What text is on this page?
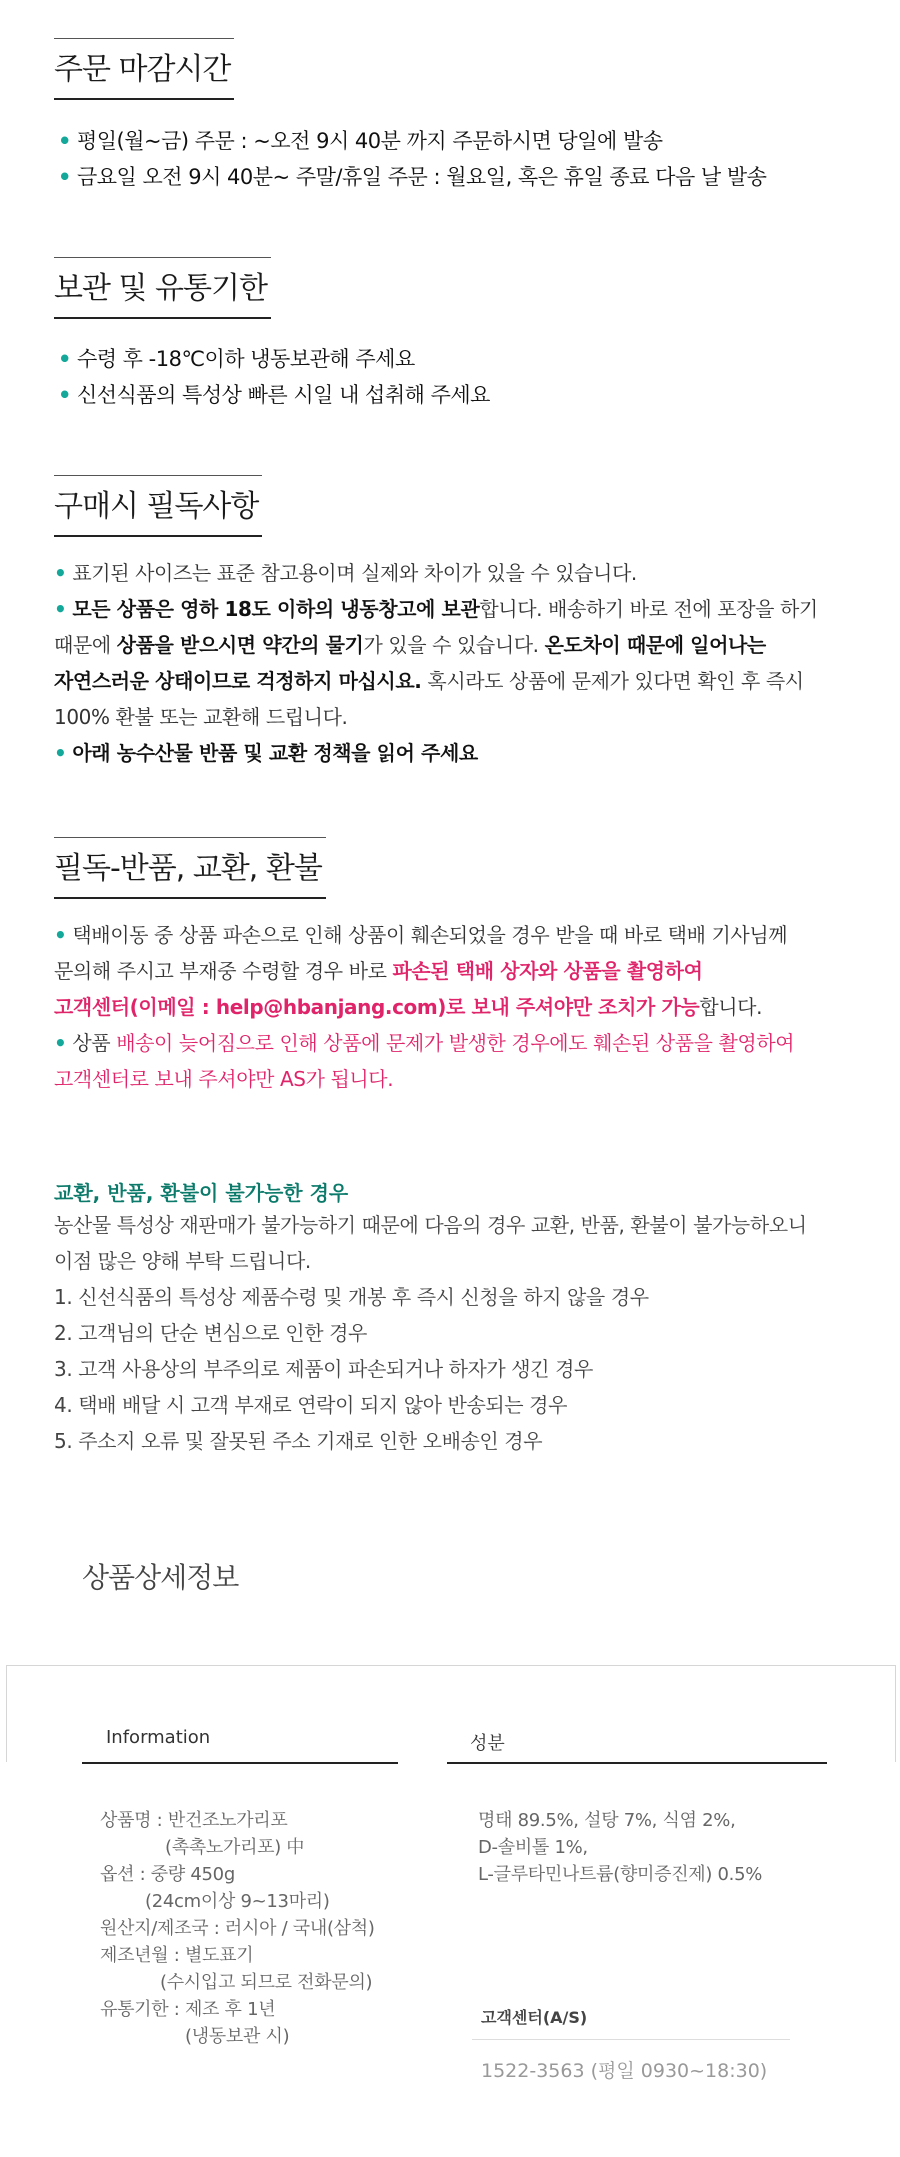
주문 마감시간
• 평일(월~금) 주문 : ~오전 9시 40분 까지 주문하시면 당일에 발송
• 금요일 오전 9시 40분~ 주말/휴일 주문 : 월요일, 혹은 휴일 종료 다음 날 발송
보관 및 유통기한
• 수령 후 -18℃이하 냉동보관해 주세요
• 신선식품의 특성상 빠른 시일 내 섭취해 주세요
구매시 필독사항
• 표기된 사이즈는 표준 참고용이며 실제와 차이가 있을 수 있습니다.
• 모든 상품은 영하 18도 이하의 냉동창고에 보관합니다. 배송하기 바로 전에 포장을 하기
때문에 상품을 받으시면 약간의 물기가 있을 수 있습니다. 온도차이 때문에 일어나는
자연스러운 상태이므로 걱정하지 마십시요. 혹시라도 상품에 문제가 있다면 확인 후 즉시
100% 환불 또는 교환해 드립니다.
• 아래 농수산물 반품 및 교환 정책을 읽어 주세요
필독-반품, 교환, 환불
• 택배이동 중 상품 파손으로 인해 상품이 훼손되었을 경우 받을 때 바로 택배 기사님께
문의해 주시고 부재중 수령할 경우 바로 파손된 택배 상자와 상품을 촬영하여
고객센터(이메일 : help@hbanjang.com)로 보내 주셔야만 조치가 가능합니다.
• 상품 배송이 늦어짐으로 인해 상품에 문제가 발생한 경우에도 훼손된 상품을 촬영하여
고객센터로 보내 주셔야만 AS가 됩니다.
교환, 반품, 환불이 불가능한 경우
농산물 특성상 재판매가 불가능하기 때문에 다음의 경우 교환, 반품, 환불이 불가능하오니
이점 많은 양해 부탁 드립니다.
1. 신선식품의 특성상 제품수령 및 개봉 후 즉시 신청을 하지 않을 경우
2. 고객님의 단순 변심으로 인한 경우
3. 고객 사용상의 부주의로 제품이 파손되거나 하자가 생긴 경우
4. 택배 배달 시 고객 부재로 연락이 되지 않아 반송되는 경우
5. 주소지 오류 및 잘못된 주소 기재로 인한 오배송인 경우
상품상세정보
Information	성분
상품명 : 반건조노가리포
(촉촉노가리포) 中
옵션 : 중량 450g
(24cm이상 9~13마리)
원산지/제조국 : 러시아 / 국내(삼척)
제조년월 : 별도표기
(수시입고 되므로 전화문의)
유통기한 : 제조 후 1년
(냉동보관 시)
명태 89.5%, 설탕 7%, 식염 2%,
D-솔비톨 1%,
L-글루타민나트륨(향미증진제) 0.5%
고객센터(A/S)
1522-3563 (평일 0930~18:30)
